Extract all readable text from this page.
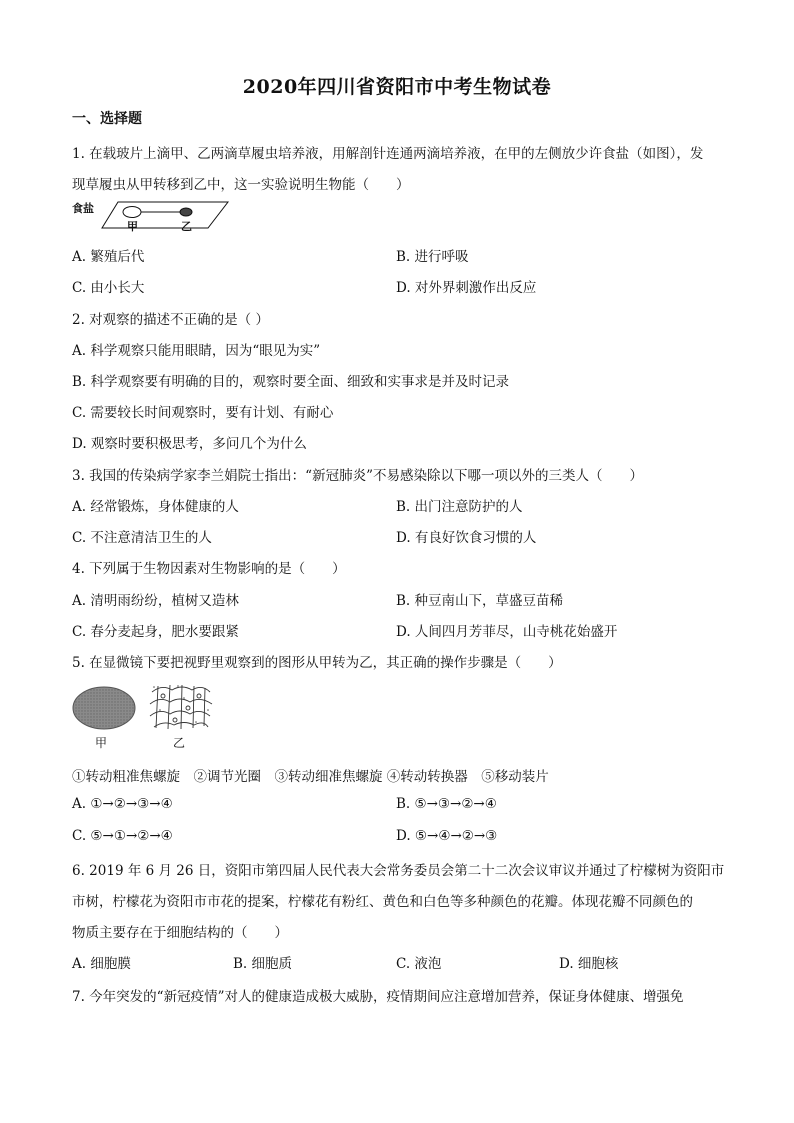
2020年四川省资阳市中考生物试卷
一、选择题
1. 在载玻片上滴甲、乙两滴草履虫培养液，用解剖针连通两滴培养液，在甲的左侧放少许食盐（如图），发
现草履虫从甲转移到乙中，这一实验说明生物能（　　）
食盐
甲	乙
A. 繁殖后代	B. 进行呼吸
C. 由小长大	D. 对外界刺激作出反应
2. 对观察的描述不正确的是（ ）
A. 科学观察只能用眼睛，因为“眼见为实”
B. 科学观察要有明确的目的，观察时要全面、细致和实事求是并及时记录
C. 需要较长时间观察时，要有计划、有耐心
D. 观察时要积极思考，多问几个为什么
3. 我国的传染病学家李兰娟院士指出：“新冠肺炎”不易感染除以下哪一项以外的三类人（　　）
A. 经常锻炼，身体健康的人	B. 出门注意防护的人
C. 不注意清洁卫生的人	D. 有良好饮食习惯的人
4. 下列属于生物因素对生物影响的是（　　）
A. 清明雨纷纷，植树又造林	B. 种豆南山下，草盛豆苗稀
C. 春分麦起身，肥水要跟紧	D. 人间四月芳菲尽，山寺桃花始盛开
5. 在显微镜下要把视野里观察到的图形从甲转为乙，其正确的操作步骤是（　　）
甲	乙
①转动粗准焦螺旋　②调节光圈　③转动细准焦螺旋 ④转动转换器　⑤移动装片
A. ①→②→③→④	B. ⑤→③→②→④
C. ⑤→①→②→④	D. ⑤→④→②→③
6. 2019 年 6 月 26 日，资阳市第四届人民代表大会常务委员会第二十二次会议审议并通过了柠檬树为资阳市
市树，柠檬花为资阳市市花的提案，柠檬花有粉红、黄色和白色等多种颜色的花瓣。体现花瓣不同颜色的
物质主要存在于细胞结构的（　　）
A. 细胞膜	B. 细胞质	C. 液泡	D. 细胞核
7. 今年突发的“新冠疫情”对人的健康造成极大威胁，疫情期间应注意增加营养，保证身体健康、增强免
